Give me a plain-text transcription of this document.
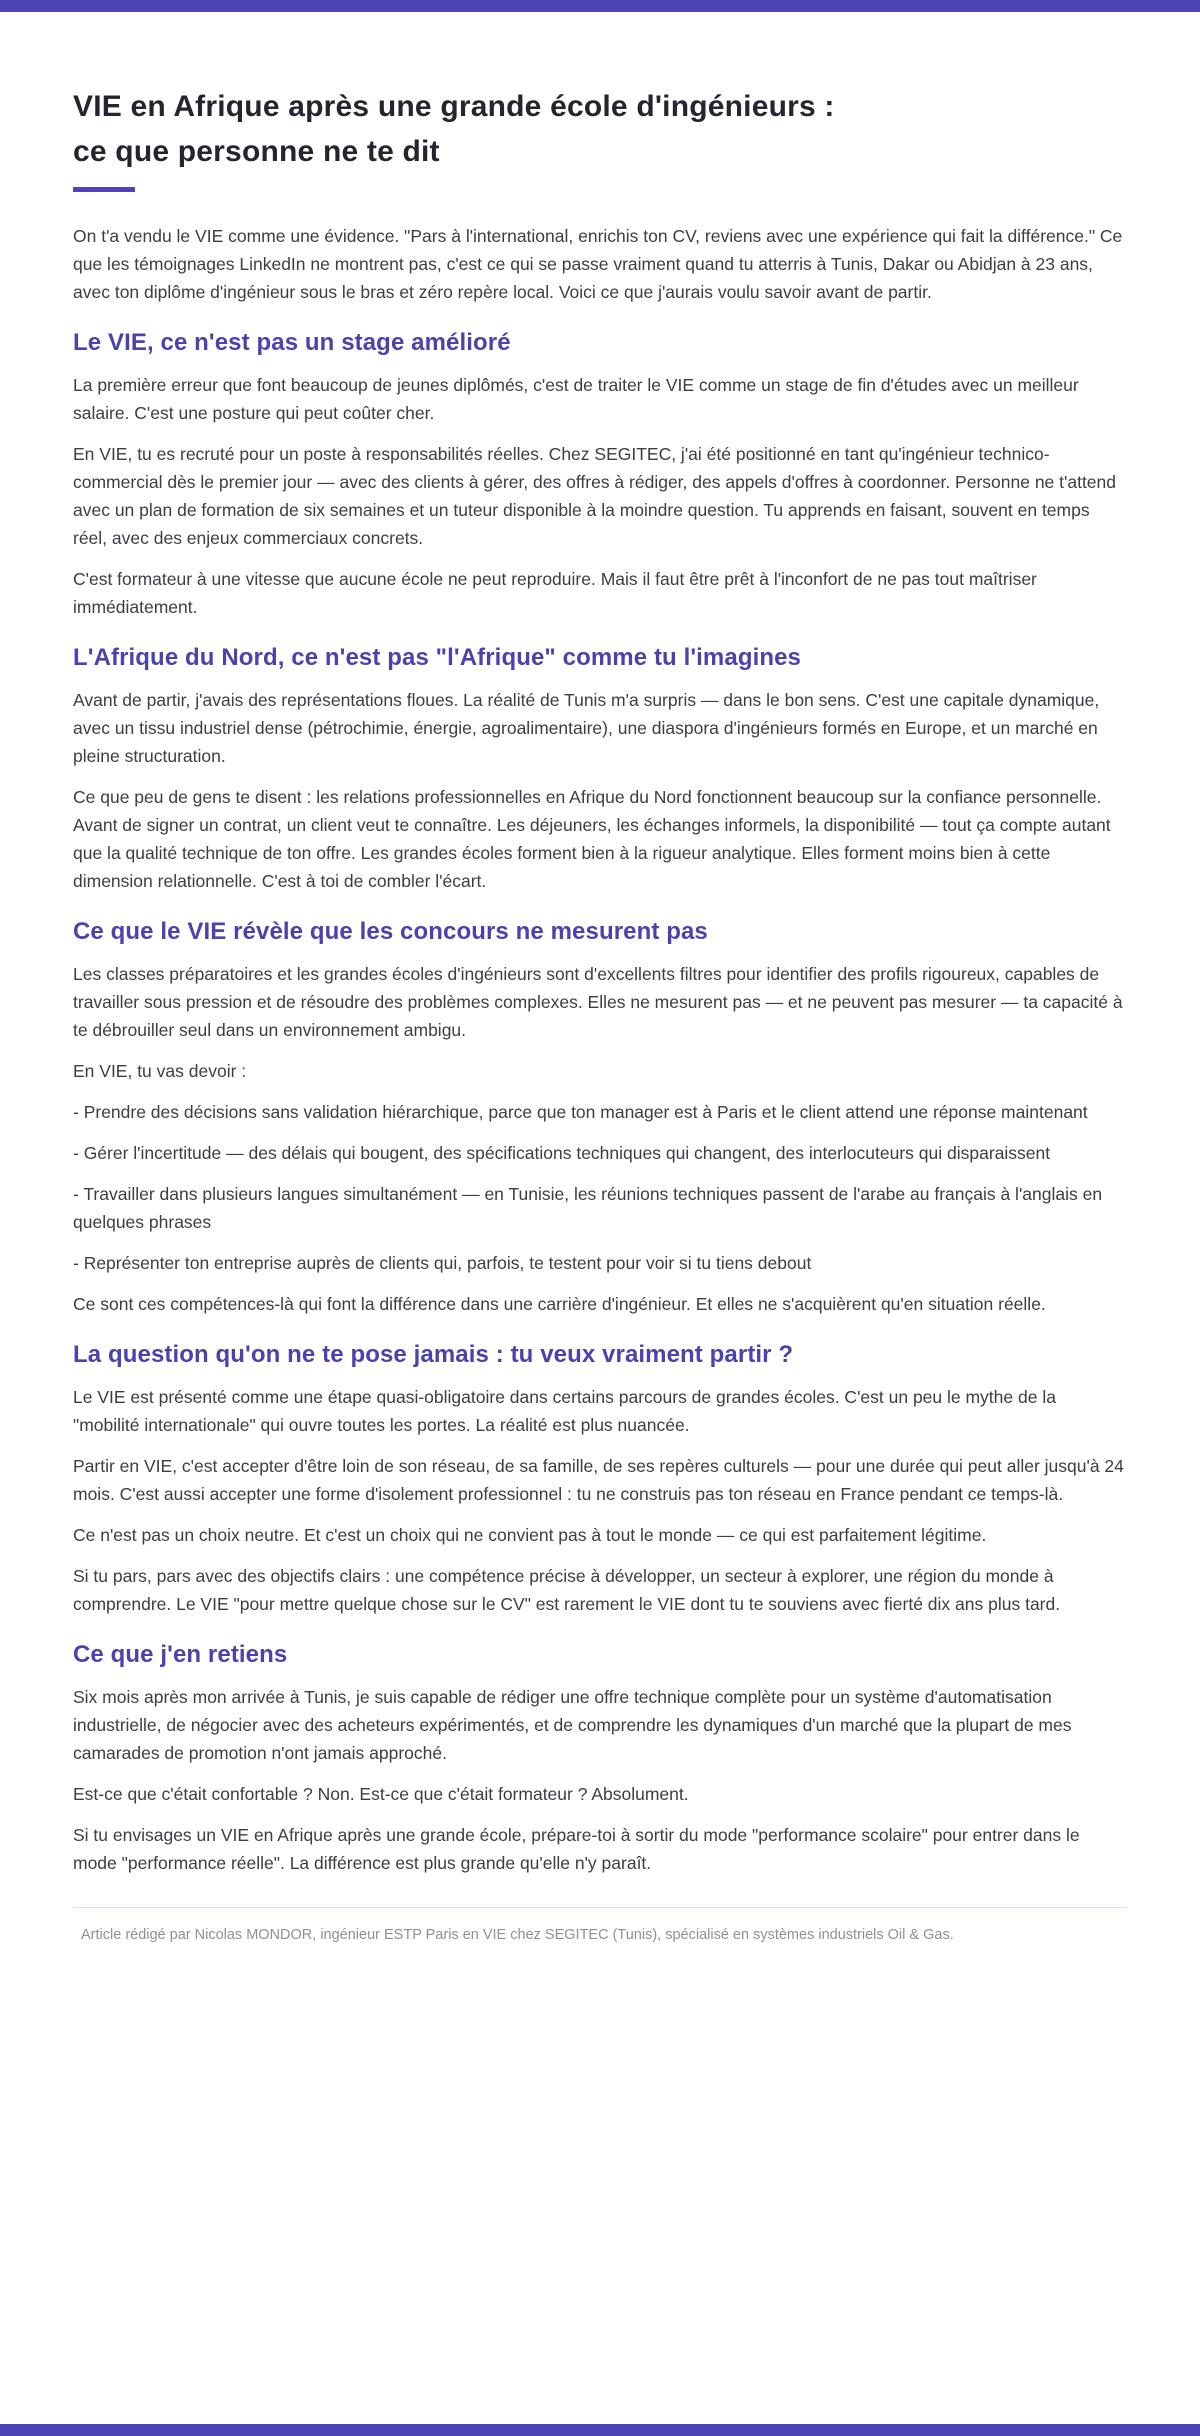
VIE en Afrique après une grande école d'ingénieurs :
ce que personne ne te dit

On t'a vendu le VIE comme une évidence. "Pars à l'international, enrichis ton CV, reviens avec une expérience qui fait la différence." Ce que les témoignages LinkedIn ne montrent pas, c'est ce qui se passe vraiment quand tu atterris à Tunis, Dakar ou Abidjan à 23 ans, avec ton diplôme d'ingénieur sous le bras et zéro repère local. Voici ce que j'aurais voulu savoir avant de partir.

Le VIE, ce n'est pas un stage amélioré

La première erreur que font beaucoup de jeunes diplômés, c'est de traiter le VIE comme un stage de fin d'études avec un meilleur salaire. C'est une posture qui peut coûter cher.

En VIE, tu es recruté pour un poste à responsabilités réelles. Chez SEGITEC, j'ai été positionné en tant qu'ingénieur technico-commercial dès le premier jour — avec des clients à gérer, des offres à rédiger, des appels d'offres à coordonner. Personne ne t'attend avec un plan de formation de six semaines et un tuteur disponible à la moindre question. Tu apprends en faisant, souvent en temps réel, avec des enjeux commerciaux concrets.

C'est formateur à une vitesse que aucune école ne peut reproduire. Mais il faut être prêt à l'inconfort de ne pas tout maîtriser immédiatement.

L'Afrique du Nord, ce n'est pas "l'Afrique" comme tu l'imagines

Avant de partir, j'avais des représentations floues. La réalité de Tunis m'a surpris — dans le bon sens. C'est une capitale dynamique, avec un tissu industriel dense (pétrochimie, énergie, agroalimentaire), une diaspora d'ingénieurs formés en Europe, et un marché en pleine structuration.

Ce que peu de gens te disent : les relations professionnelles en Afrique du Nord fonctionnent beaucoup sur la confiance personnelle. Avant de signer un contrat, un client veut te connaître. Les déjeuners, les échanges informels, la disponibilité — tout ça compte autant que la qualité technique de ton offre. Les grandes écoles forment bien à la rigueur analytique. Elles forment moins bien à cette dimension relationnelle. C'est à toi de combler l'écart.

Ce que le VIE révèle que les concours ne mesurent pas

Les classes préparatoires et les grandes écoles d'ingénieurs sont d'excellents filtres pour identifier des profils rigoureux, capables de travailler sous pression et de résoudre des problèmes complexes. Elles ne mesurent pas — et ne peuvent pas mesurer — ta capacité à te débrouiller seul dans un environnement ambigu.

En VIE, tu vas devoir :

- Prendre des décisions sans validation hiérarchique, parce que ton manager est à Paris et le client attend une réponse maintenant

- Gérer l'incertitude — des délais qui bougent, des spécifications techniques qui changent, des interlocuteurs qui disparaissent

- Travailler dans plusieurs langues simultanément — en Tunisie, les réunions techniques passent de l'arabe au français à l'anglais en quelques phrases

- Représenter ton entreprise auprès de clients qui, parfois, te testent pour voir si tu tiens debout

Ce sont ces compétences-là qui font la différence dans une carrière d'ingénieur. Et elles ne s'acquièrent qu'en situation réelle.

La question qu'on ne te pose jamais : tu veux vraiment partir ?

Le VIE est présenté comme une étape quasi-obligatoire dans certains parcours de grandes écoles. C'est un peu le mythe de la "mobilité internationale" qui ouvre toutes les portes. La réalité est plus nuancée.

Partir en VIE, c'est accepter d'être loin de son réseau, de sa famille, de ses repères culturels — pour une durée qui peut aller jusqu'à 24 mois. C'est aussi accepter une forme d'isolement professionnel : tu ne construis pas ton réseau en France pendant ce temps-là.

Ce n'est pas un choix neutre. Et c'est un choix qui ne convient pas à tout le monde — ce qui est parfaitement légitime.

Si tu pars, pars avec des objectifs clairs : une compétence précise à développer, un secteur à explorer, une région du monde à comprendre. Le VIE "pour mettre quelque chose sur le CV" est rarement le VIE dont tu te souviens avec fierté dix ans plus tard.

Ce que j'en retiens

Six mois après mon arrivée à Tunis, je suis capable de rédiger une offre technique complète pour un système d'automatisation industrielle, de négocier avec des acheteurs expérimentés, et de comprendre les dynamiques d'un marché que la plupart de mes camarades de promotion n'ont jamais approché.

Est-ce que c'était confortable ? Non. Est-ce que c'était formateur ? Absolument.

Si tu envisages un VIE en Afrique après une grande école, prépare-toi à sortir du mode "performance scolaire" pour entrer dans le mode "performance réelle". La différence est plus grande qu'elle n'y paraît.

Article rédigé par Nicolas MONDOR, ingénieur ESTP Paris en VIE chez SEGITEC (Tunis), spécialisé en systèmes industriels Oil & Gas.
